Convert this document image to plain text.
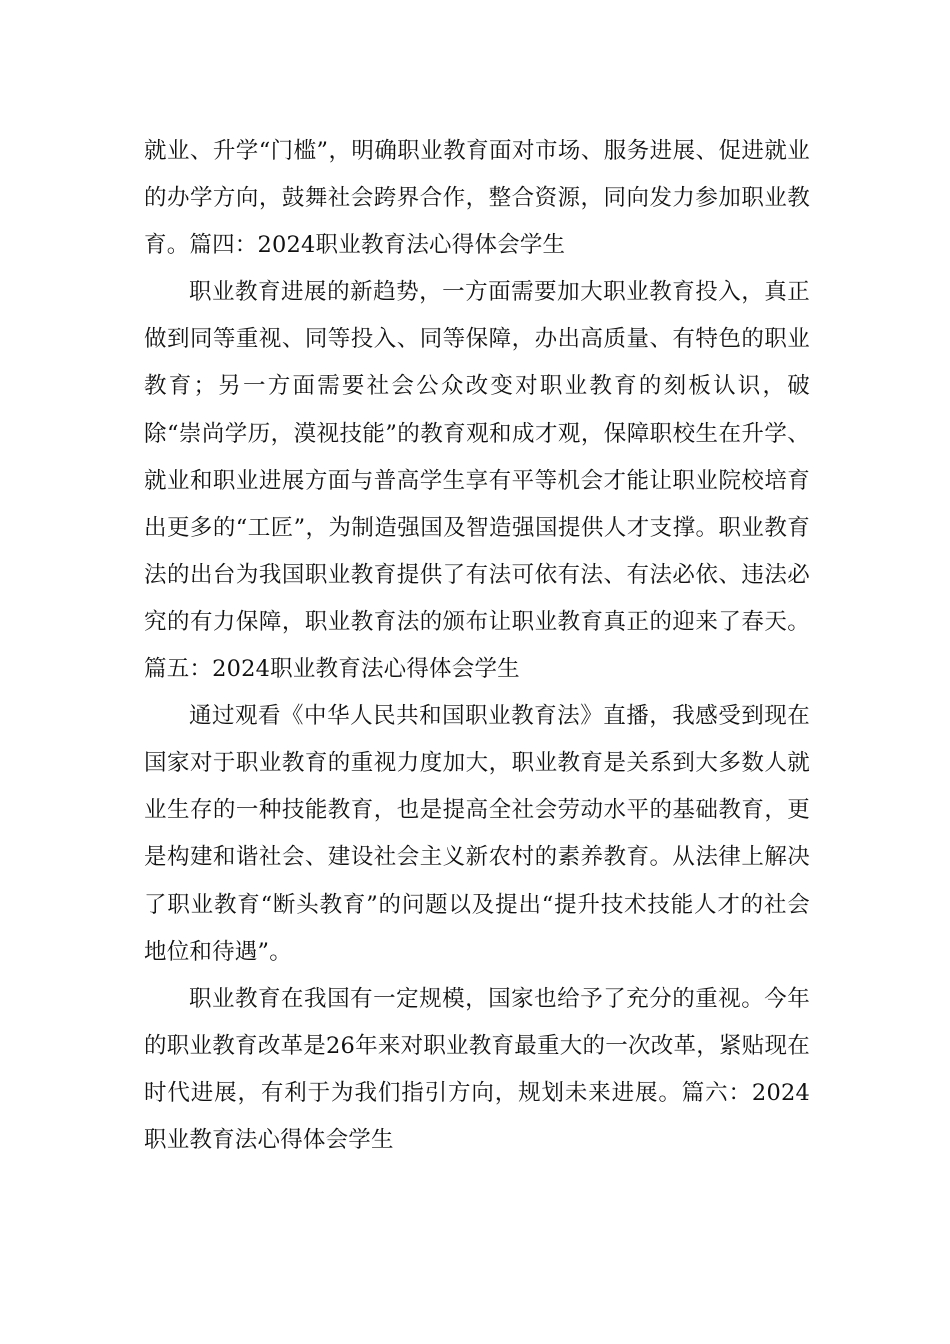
就业、升学“门槛”，明确职业教育面对市场、服务进展、促进就业的办学方向，鼓舞社会跨界合作，整合资源，同向发力参加职业教育。篇四：2024职业教育法心得体会学生

职业教育进展的新趋势，一方面需要加大职业教育投入，真正做到同等重视、同等投入、同等保障，办出高质量、有特色的职业教育；另一方面需要社会公众改变对职业教育的刻板认识，破除“崇尚学历，漠视技能”的教育观和成才观，保障职校生在升学、就业和职业进展方面与普高学生享有平等机会才能让职业院校培育出更多的“工匠”，为制造强国及智造强国提供人才支撑。职业教育法的出台为我国职业教育提供了有法可依有法、有法必依、违法必究的有力保障，职业教育法的颁布让职业教育真正的迎来了春天。篇五：2024职业教育法心得体会学生

通过观看《中华人民共和国职业教育法》直播，我感受到现在国家对于职业教育的重视力度加大，职业教育是关系到大多数人就业生存的一种技能教育，也是提高全社会劳动水平的基础教育，更是构建和谐社会、建设社会主义新农村的素养教育。从法律上解决了职业教育“断头教育”的问题以及提出“提升技术技能人才的社会地位和待遇”。

职业教育在我国有一定规模，国家也给予了充分的重视。今年的职业教育改革是26年来对职业教育最重大的一次改革，紧贴现在时代进展，有利于为我们指引方向，规划未来进展。篇六：2024职业教育法心得体会学生
